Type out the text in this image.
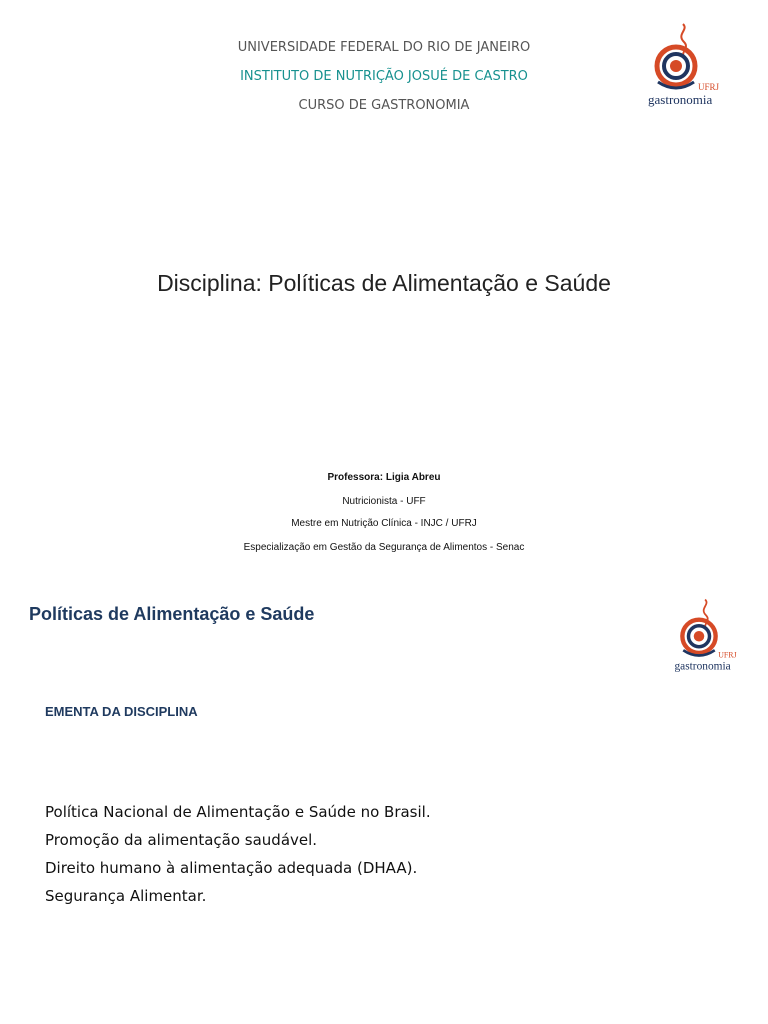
UNIVERSIDADE FEDERAL DO RIO DE JANEIRO
INSTITUTO DE NUTRIÇÃO JOSUÉ DE CASTRO
CURSO DE GASTRONOMIA
UFRJ
gastronomia
Disciplina: Políticas de Alimentação e Saúde
Professora: Ligia Abreu
Nutricionista - UFF
Mestre em Nutrição Clínica - INJC / UFRJ
Especialização em Gestão da Segurança de Alimentos - Senac
Políticas de Alimentação e Saúde
UFRJ
gastronomia
EMENTA DA DISCIPLINA
Política Nacional de Alimentação e Saúde no Brasil.
Promoção da alimentação saudável.
Direito humano à alimentação adequada (DHAA).
Segurança Alimentar.
